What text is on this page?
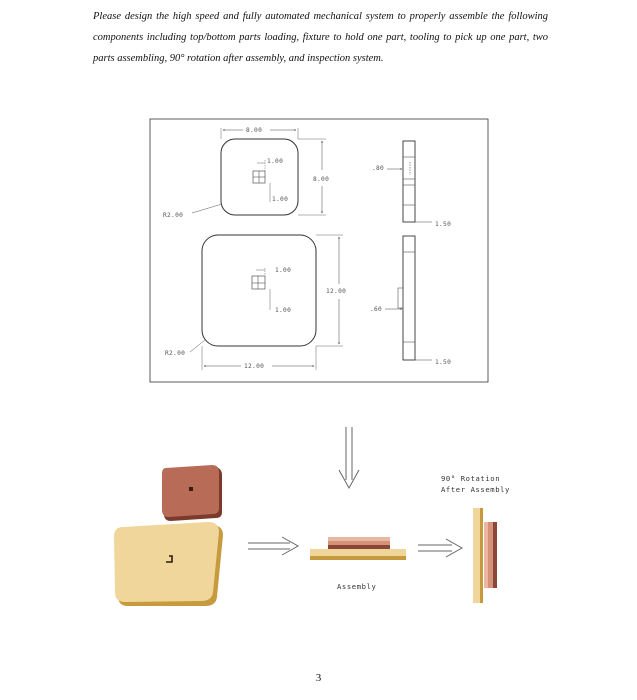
Please design the high speed and fully automated mechanical system to properly assemble the following components including top/bottom parts loading, fixture to hold one part, tooling to pick up one part, two parts assembling, 90° rotation after assembly, and inspection system.

1.00
1.00
8.00
8.00
R2.00
.80
1.50
1.00
1.00
12.00
12.00
R2.00
.60
1.50
Assembly
90° Rotation
After Assembly
3
